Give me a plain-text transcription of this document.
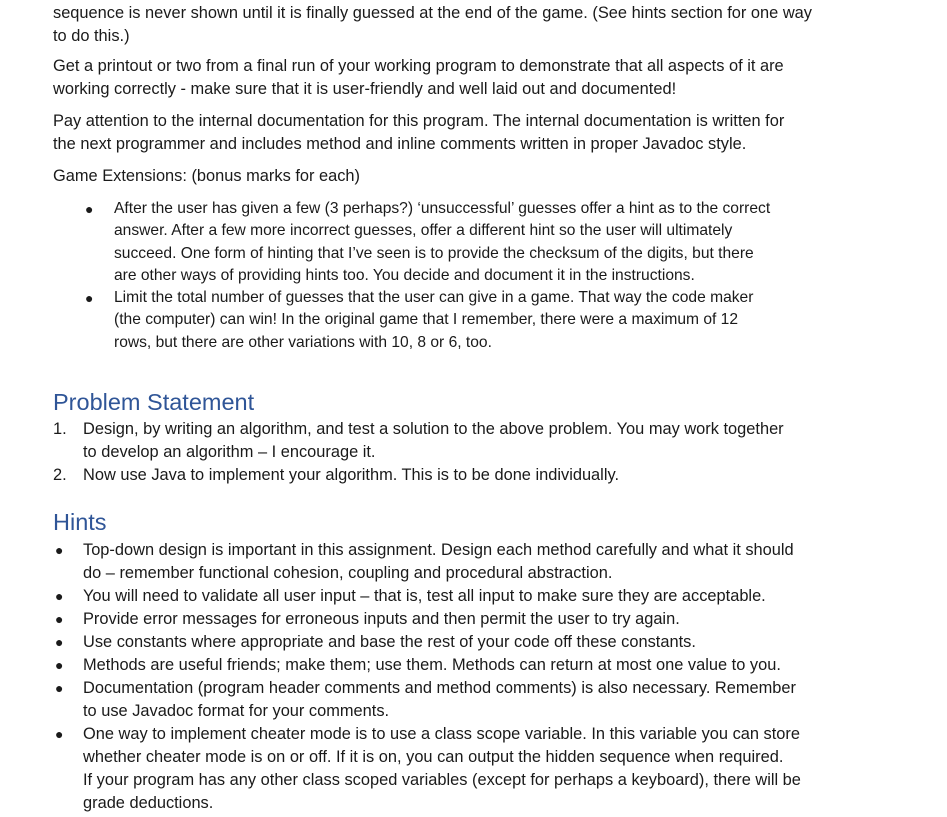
sequence is never shown until it is finally guessed at the end of the game. (See hints section for one way
to do this.)

Get a printout or two from a final run of your working program to demonstrate that all aspects of it are
working correctly - make sure that it is user-friendly and well laid out and documented!

Pay attention to the internal documentation for this program. The internal documentation is written for
the next programmer and includes method and inline comments written in proper Javadoc style.

Game Extensions: (bonus marks for each)

● After the user has given a few (3 perhaps?) ‘unsuccessful’ guesses offer a hint as to the correct
answer. After a few more incorrect guesses, offer a different hint so the user will ultimately
succeed. One form of hinting that I’ve seen is to provide the checksum of the digits, but there
are other ways of providing hints too. You decide and document it in the instructions.
● Limit the total number of guesses that the user can give in a game. That way the code maker
(the computer) can win! In the original game that I remember, there were a maximum of 12
rows, but there are other variations with 10, 8 or 6, too.
Problem Statement
1. Design, by writing an algorithm, and test a solution to the above problem. You may work together
to develop an algorithm – I encourage it.
2. Now use Java to implement your algorithm. This is to be done individually.
Hints
● Top-down design is important in this assignment. Design each method carefully and what it should
do – remember functional cohesion, coupling and procedural abstraction.
● You will need to validate all user input – that is, test all input to make sure they are acceptable.
● Provide error messages for erroneous inputs and then permit the user to try again.
● Use constants where appropriate and base the rest of your code off these constants.
● Methods are useful friends; make them; use them. Methods can return at most one value to you.
● Documentation (program header comments and method comments) is also necessary. Remember
to use Javadoc format for your comments.
● One way to implement cheater mode is to use a class scope variable. In this variable you can store
whether cheater mode is on or off. If it is on, you can output the hidden sequence when required.
If your program has any other class scoped variables (except for perhaps a keyboard), there will be
grade deductions.
